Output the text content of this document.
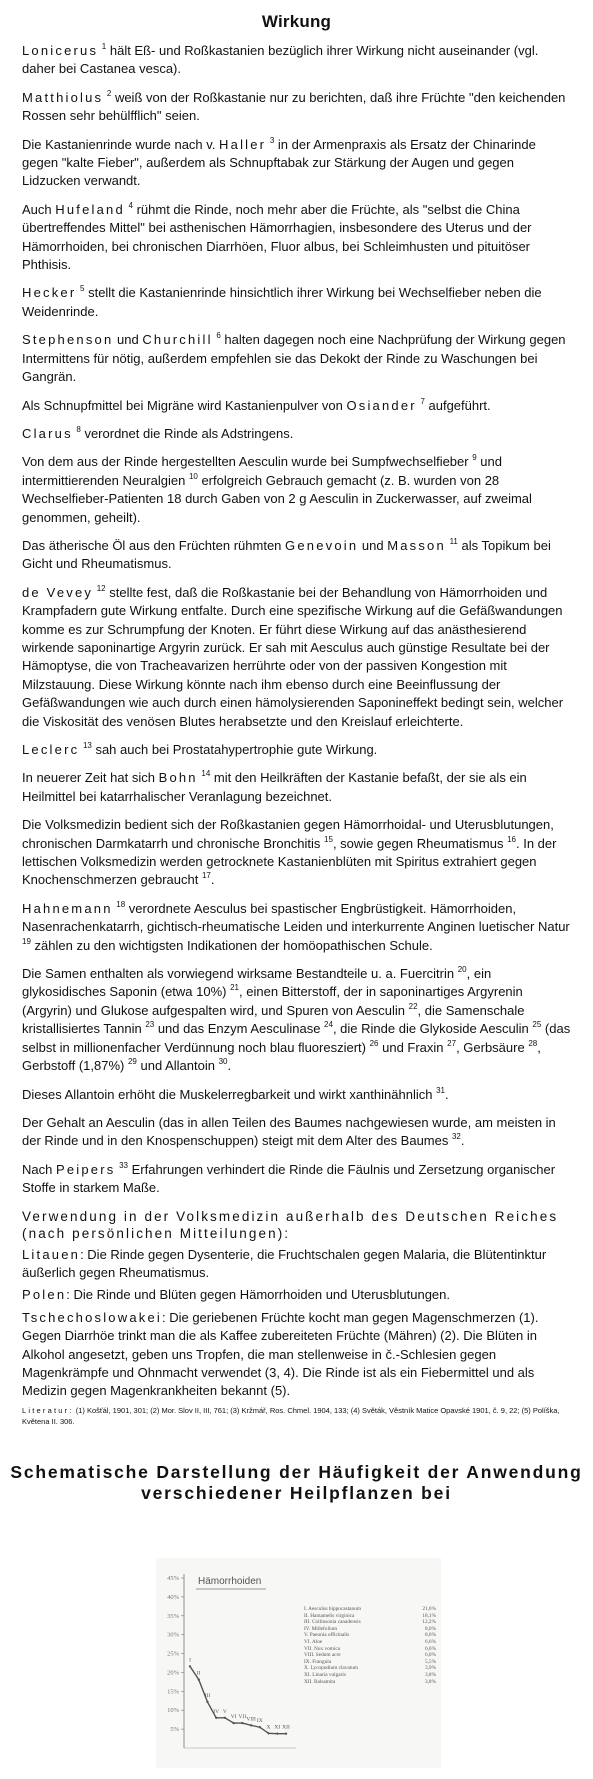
Wirkung

Lonicerus $^1$ hält Eß- und Roßkastanien bezüglich ihrer Wirkung nicht auseinander (vgl. daher bei Castanea vesca).

Matthiolus $^2$ weiß von der Roßkastanie nur zu berichten, daß ihre Früchte "den keichenden Rossen sehr behülfflich" seien.

Die Kastanienrinde wurde nach v. Haller $^3$ in der Armenpraxis als Ersatz der Chinarinde gegen "kalte Fieber", außerdem als Schnupftabak zur Stärkung der Augen und gegen Lidzucken verwandt.

Auch Hufeland $^4$ rühmt die Rinde, noch mehr aber die Früchte, als "selbst die China übertreffendes Mittel" bei asthenischen Hämorrhagien, insbesondere des Uterus und der Hämorrhoiden, bei chronischen Diarrhöen, Fluor albus, bei Schleimhusten und pituitöser Phthisis.

Hecker $^5$ stellt die Kastanienrinde hinsichtlich ihrer Wirkung bei Wechselfieber neben die Weidenrinde.

Stephenson und Churchill $^6$ halten dagegen noch eine Nachprüfung der Wirkung gegen Intermittens für nötig, außerdem empfehlen sie das Dekokt der Rinde zu Waschungen bei Gangrän.

Als Schnupfmittel bei Migräne wird Kastanienpulver von Osiander $^7$ aufgeführt.

Clarus $^8$ verordnet die Rinde als Adstringens.

Von dem aus der Rinde hergestellten Aesculin wurde bei Sumpfwechselfieber $^9$ und intermittierenden Neuralgien $^{10}$ erfolgreich Gebrauch gemacht (z. B. wurden von 28 Wechselfieber-Patienten 18 durch Gaben von 2 g Aesculin in Zuckerwasser, auf zweimal genommen, geheilt).

Das ätherische Öl aus den Früchten rühmten Genevoin und Masson $^{11}$ als Topikum bei Gicht und Rheumatismus.

de Vevey $^{12}$ stellte fest, daß die Roßkastanie bei der Behandlung von Hämorrhoiden und Krampfadern gute Wirkung entfalte. Durch eine spezifische Wirkung auf die Gefäßwandungen komme es zur Schrumpfung der Knoten. Er führt diese Wirkung auf das anästhesierend wirkende saponinartige Argyrin zurück. Er sah mit Aesculus auch günstige Resultate bei der Hämoptyse, die von Tracheavarizen herrührte oder von der passiven Kongestion mit Milzstauung. Diese Wirkung könnte nach ihm ebenso durch eine Beeinflussung der Gefäßwandungen wie auch durch einen hämolysierenden Saponineffekt bedingt sein, welcher die Viskosität des venösen Blutes herabsetzte und den Kreislauf erleichterte.

Leclerc $^{13}$ sah auch bei Prostatahypertrophie gute Wirkung.

In neuerer Zeit hat sich Bohn $^{14}$ mit den Heilkräften der Kastanie befaßt, der sie als ein Heilmittel bei katarrhalischer Veranlagung bezeichnet.

Die Volksmedizin bedient sich der Roßkastanien gegen Hämorrhoidal- und Uterusblutungen, chronischen Darmkatarrh und chronische Bronchitis $^{15}$, sowie gegen Rheumatismus $^{16}$. In der lettischen Volksmedizin werden getrocknete Kastanienblüten mit Spiritus extrahiert gegen Knochenschmerzen gebraucht $^{17}$.

Hahnemann $^{18}$ verordnete Aesculus bei spastischer Engbrüstigkeit. Hämorrhoiden, Nasenrachenkatarrh, gichtisch-rheumatische Leiden und interkurrente Anginen luetischer Natur $^{19}$ zählen zu den wichtigsten Indikationen der homöopathischen Schule.

Die Samen enthalten als vorwiegend wirksame Bestandteile u. a. Fuercitrin $^{20}$, ein glykosidisches Saponin (etwa 10%) $^{21}$, einen Bitterstoff, der in saponinartiges Argyrenin (Argyrin) und Glukose aufgespalten wird, und Spuren von Aesculin $^{22}$, die Samenschale kristallisiertes Tannin $^{23}$ und das Enzym Aesculinase $^{24}$, die Rinde die Glykoside Aesculin $^{25}$ (das selbst in millionenfacher Verdünnung noch blau fluoresziert) $^{26}$ und Fraxin $^{27}$, Gerbsäure $^{28}$, Gerbstoff (1,87%) $^{29}$ und Allantoin $^{30}$.

Dieses Allantoin erhöht die Muskelerregbarkeit und wirkt xanthinähnlich $^{31}$.

Der Gehalt an Aesculin (das in allen Teilen des Baumes nachgewiesen wurde, am meisten in der Rinde und in den Knospenschuppen) steigt mit dem Alter des Baumes $^{32}$.

Nach Peipers $^{33}$ Erfahrungen verhindert die Rinde die Fäulnis und Zersetzung organischer Stoffe in starkem Maße.

Verwendung in der Volksmedizin außerhalb des Deutschen Reiches (nach persönlichen Mitteilungen):

Litauen: Die Rinde gegen Dysenterie, die Fruchtschalen gegen Malaria, die Blütentinktur äußerlich gegen Rheumatismus.

Polen: Die Rinde und Blüten gegen Hämorrhoiden und Uterusblutungen.

Tschechoslowakei: Die geriebenen Früchte kocht man gegen Magenschmerzen (1). Gegen Diarrhöe trinkt man die als Kaffee zubereiteten Früchte (Mähren) (2). Die Blüten in Alkohol angesetzt, geben uns Tropfen, die man stellenweise in č.-Schlesien gegen Magenkrämpfe und Ohnmacht verwendet (3, 4). Die Rinde ist als ein Fiebermittel und als Medizin gegen Magenkrankheiten bekannt (5).

Literatur: (1) Košťál, 1901, 301; (2) Mor. Slov II, III, 761; (3) Kržmář, Ros. Chmel. 1904, 133; (4) Světák, Věstník Matice Opavské 1901, č. 9, 22; (5) Políška, Květena II. 306.

Schematische Darstellung der Häufigkeit der Anwendung verschiedener Heilpflanzen bei
45%
40%
35%
30%
25%
20%
15%
10%
5%
Hämorrhoiden
I
II
III
IV V
VI VII VIII IX
X XI XII
I. Aesculus hippocastanum	21,6%
II. Hamamelis virginica	18,1%
III. Collinsonia canadensis	12,2%
IV. Millefolium	8,0%
V. Paeonia officinalis	8,0%
VI. Aloe	6,6%
VII. Nux vomica	6,6%
VIII. Sedum acre	6,0%
IX. Frangula	5,5%
X. Lycopodium clavatum	3,9%
XI. Linaria vulgaris	3,8%
XII. Balsamita	3,8%
